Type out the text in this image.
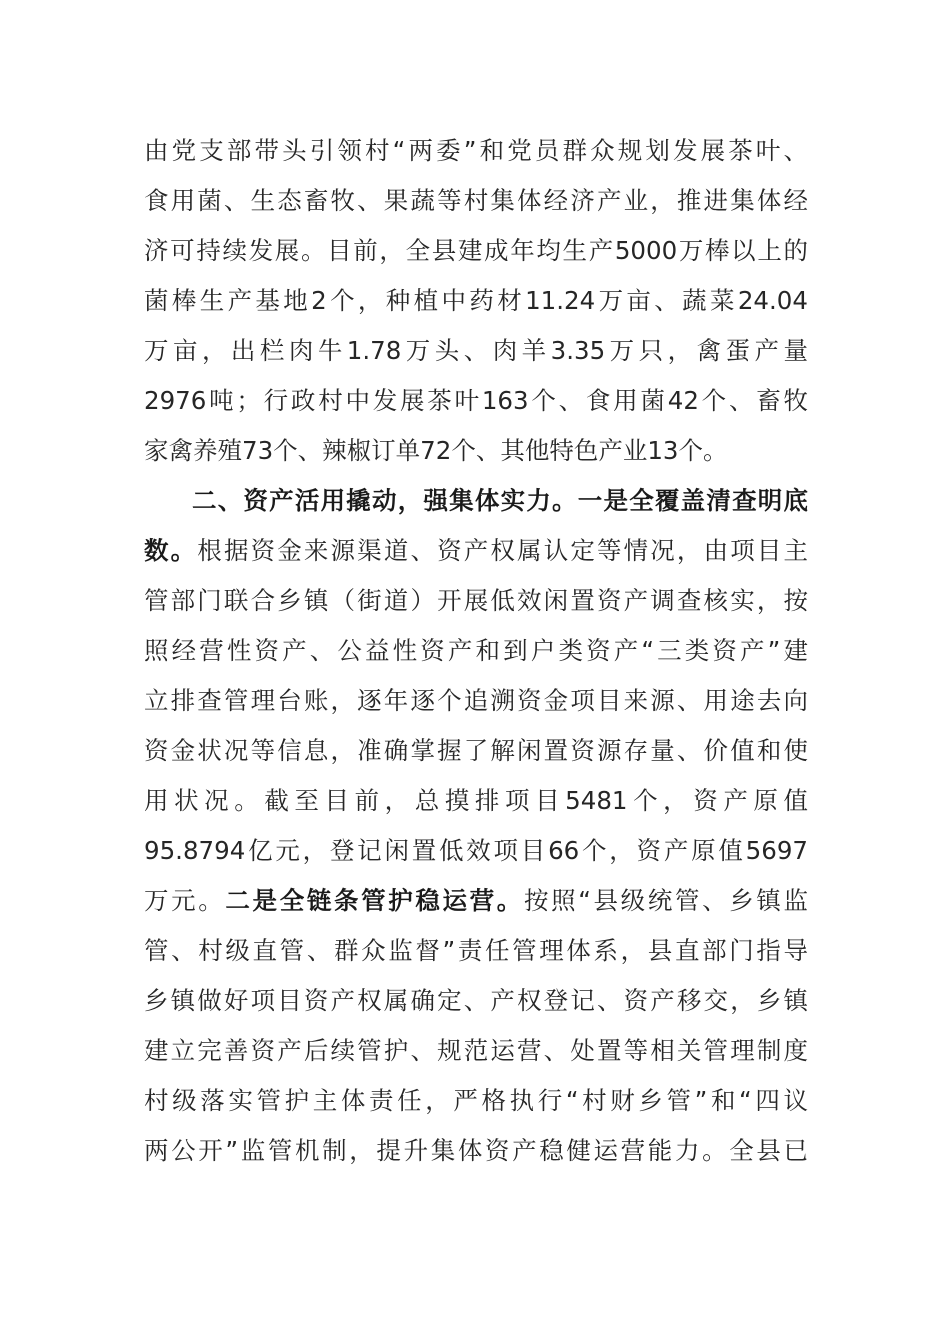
由党支部带头引领村“两委”和党员群众规划发展茶叶、
食用菌、生态畜牧、果蔬等村集体经济产业，推进集体经
济可持续发展。目前，全县建成年均生产5000万棒以上的
菌棒生产基地2个，种植中药材11.24万亩、蔬菜24.04
万亩，出栏肉牛1.78万头、肉羊3.35万只，禽蛋产量
2976吨；行政村中发展茶叶163个、食用菌42个、畜牧
家禽养殖73个、辣椒订单72个、其他特色产业13个。
二、资产活用撬动，强集体实力。一是全覆盖清查明底
数。根据资金来源渠道、资产权属认定等情况，由项目主
管部门联合乡镇（街道）开展低效闲置资产调查核实，按
照经营性资产、公益性资产和到户类资产“三类资产”建
立排查管理台账，逐年逐个追溯资金项目来源、用途去向
资金状况等信息，准确掌握了解闲置资源存量、价值和使
用状况。截至目前，总摸排项目5481个，资产原值
95.8794亿元，登记闲置低效项目66个，资产原值5697
万元。二是全链条管护稳运营。按照“县级统管、乡镇监
管、村级直管、群众监督”责任管理体系，县直部门指导
乡镇做好项目资产权属确定、产权登记、资产移交，乡镇
建立完善资产后续管护、规范运营、处置等相关管理制度
村级落实管护主体责任，严格执行“村财乡管”和“四议
两公开”监管机制，提升集体资产稳健运营能力。全县已
